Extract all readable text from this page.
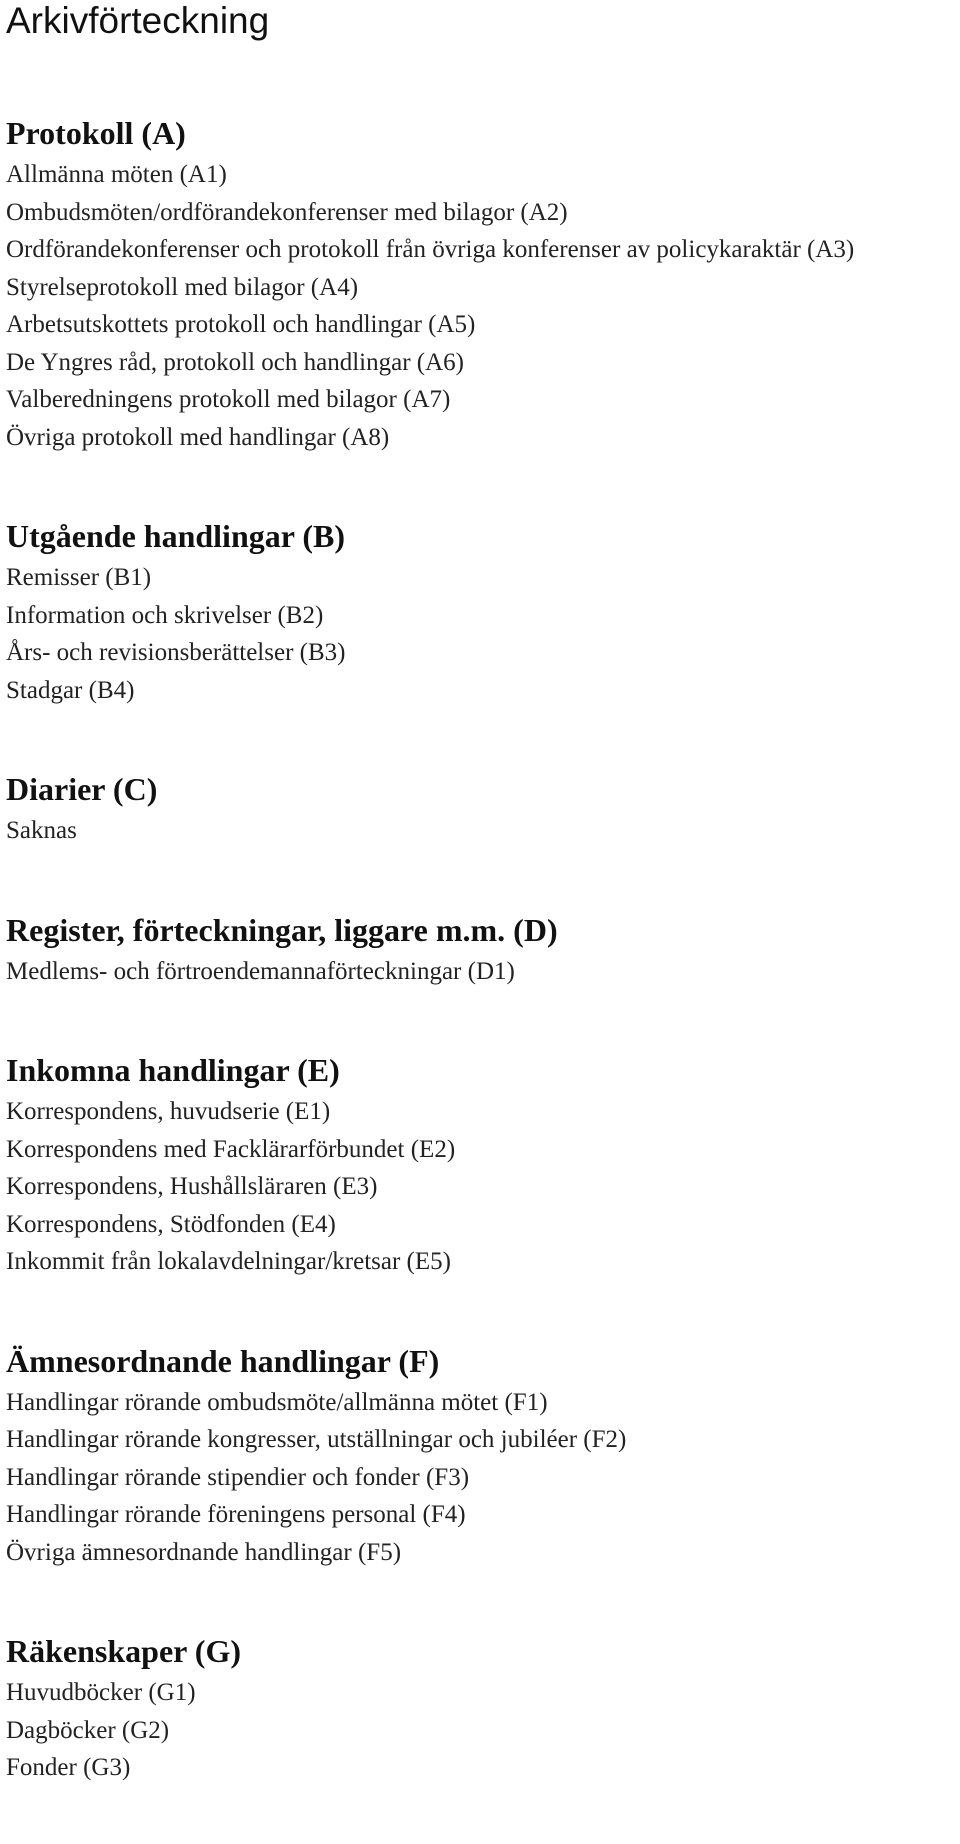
Arkivförteckning
Protokoll (A)

Allmänna möten (A1)

Ombudsmöten/ordförandekonferenser med bilagor (A2)

Ordförandekonferenser och protokoll från övriga konferenser av policykaraktär (A3)

Styrelseprotokoll med bilagor (A4)

Arbetsutskottets protokoll och handlingar (A5)

De Yngres råd, protokoll och handlingar (A6)

Valberedningens protokoll med bilagor (A7)

Övriga protokoll med handlingar (A8)

Utgående handlingar (B)

Remisser (B1)

Information och skrivelser (B2)

Års- och revisionsberättelser (B3)

Stadgar (B4)

Diarier (C)

Saknas

Register, förteckningar, liggare m.m. (D)

Medlems- och förtroendemannaförteckningar (D1)

Inkomna handlingar (E)

Korrespondens, huvudserie (E1)

Korrespondens med Facklärarförbundet (E2)

Korrespondens, Hushållsläraren (E3)

Korrespondens, Stödfonden (E4)

Inkommit från lokalavdelningar/kretsar (E5)

Ämnesordnande handlingar (F)

Handlingar rörande ombudsmöte/allmänna mötet (F1)

Handlingar rörande kongresser, utställningar och jubiléer (F2)

Handlingar rörande stipendier och fonder (F3)

Handlingar rörande föreningens personal (F4)

Övriga ämnesordnande handlingar (F5)

Räkenskaper (G)

Huvudböcker (G1)

Dagböcker (G2)

Fonder (G3)
